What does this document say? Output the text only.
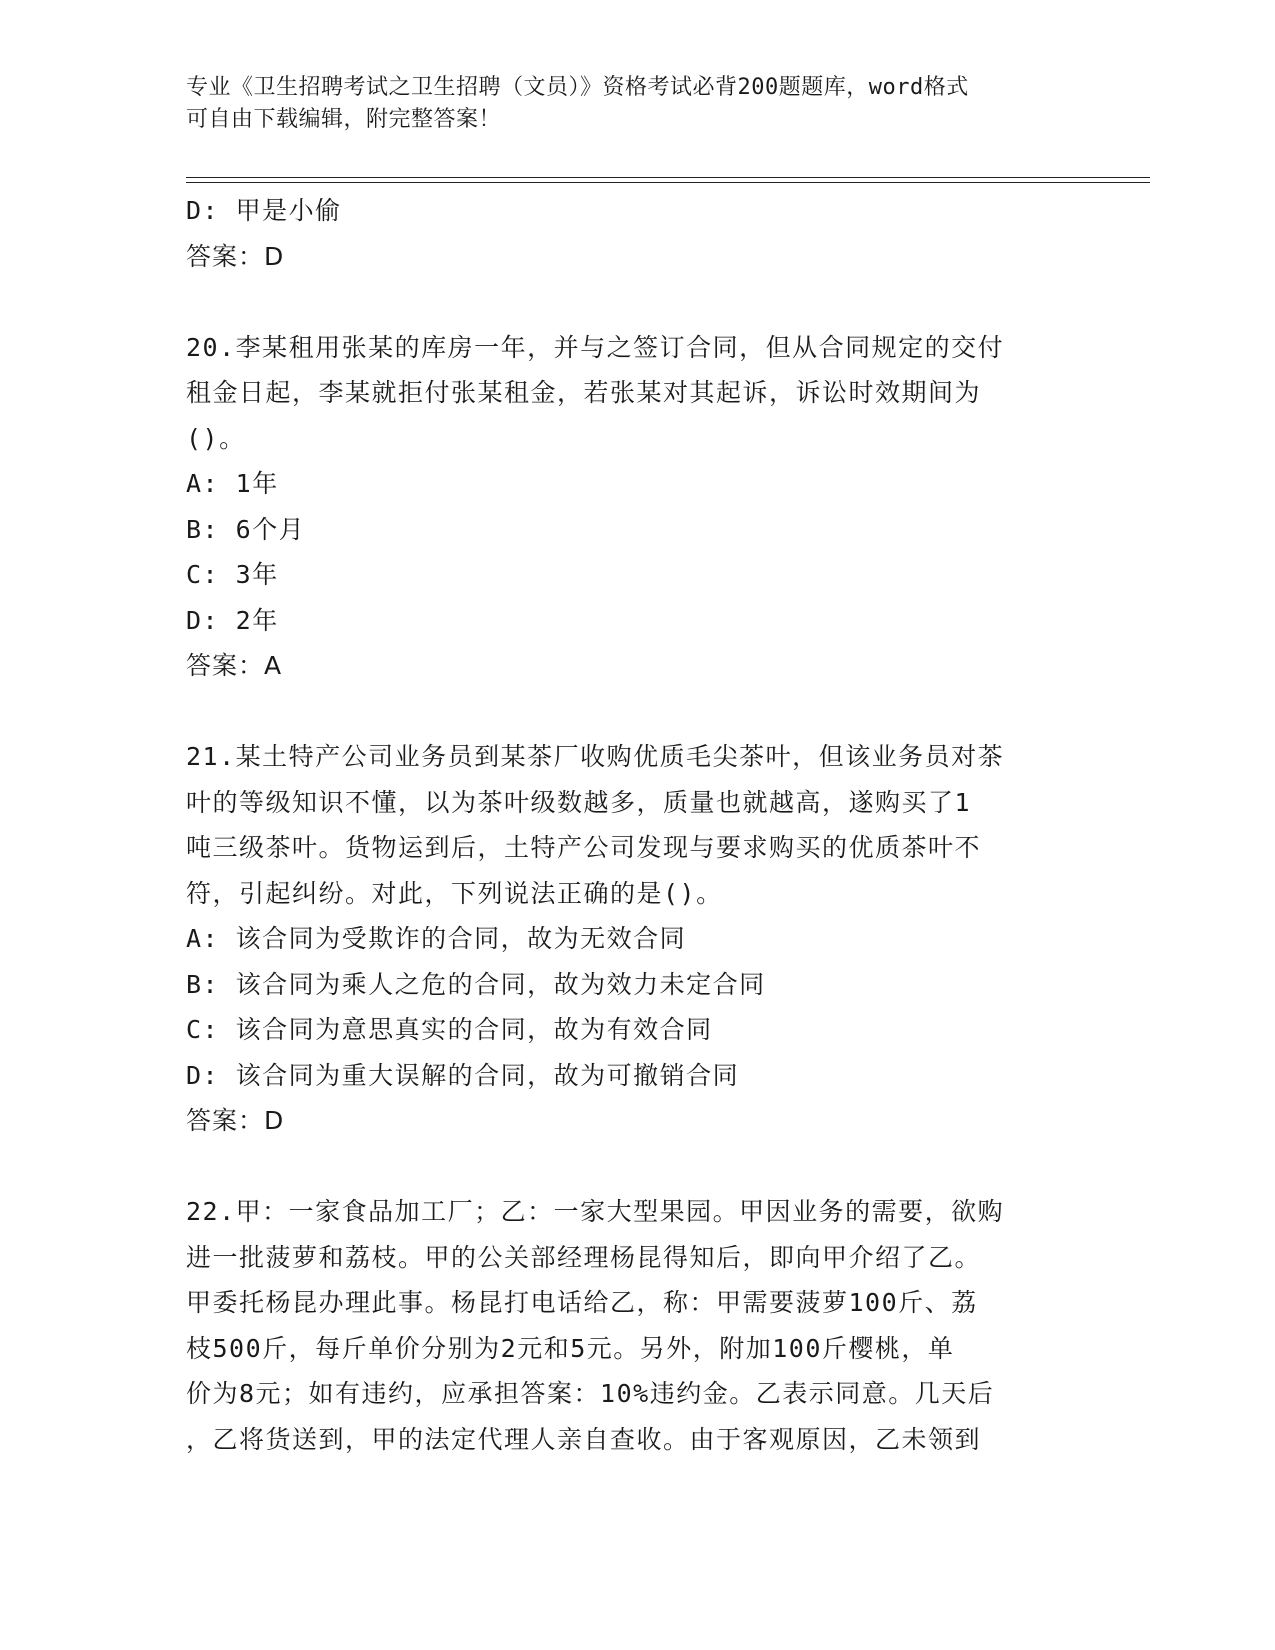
专业《卫生招聘考试之卫生招聘（文员）》资格考试必背200题题库，word格式

可自由下载编辑，附完整答案！

D: 甲是小偷
答案：D
20.李某租用张某的库房一年，并与之签订合同，但从合同规定的交付
租金日起，李某就拒付张某租金，若张某对其起诉，诉讼时效期间为
()。
A: 1年
B: 6个月
C: 3年
D: 2年
答案：A
21.某土特产公司业务员到某茶厂收购优质毛尖茶叶，但该业务员对茶
叶的等级知识不懂，以为茶叶级数越多，质量也就越高，遂购买了1
吨三级茶叶。货物运到后，土特产公司发现与要求购买的优质茶叶不
符，引起纠纷。对此，下列说法正确的是()。
A: 该合同为受欺诈的合同，故为无效合同
B: 该合同为乘人之危的合同，故为效力未定合同
C: 该合同为意思真实的合同，故为有效合同
D: 该合同为重大误解的合同，故为可撤销合同
答案：D
22.甲：一家食品加工厂；乙：一家大型果园。甲因业务的需要，欲购
进一批菠萝和荔枝。甲的公关部经理杨昆得知后，即向甲介绍了乙。
甲委托杨昆办理此事。杨昆打电话给乙，称：甲需要菠萝100斤、荔
枝500斤，每斤单价分别为2元和5元。另外，附加100斤樱桃，单
价为8元；如有违约，应承担答案：10%违约金。乙表示同意。几天后
，乙将货送到，甲的法定代理人亲自查收。由于客观原因，乙未领到
